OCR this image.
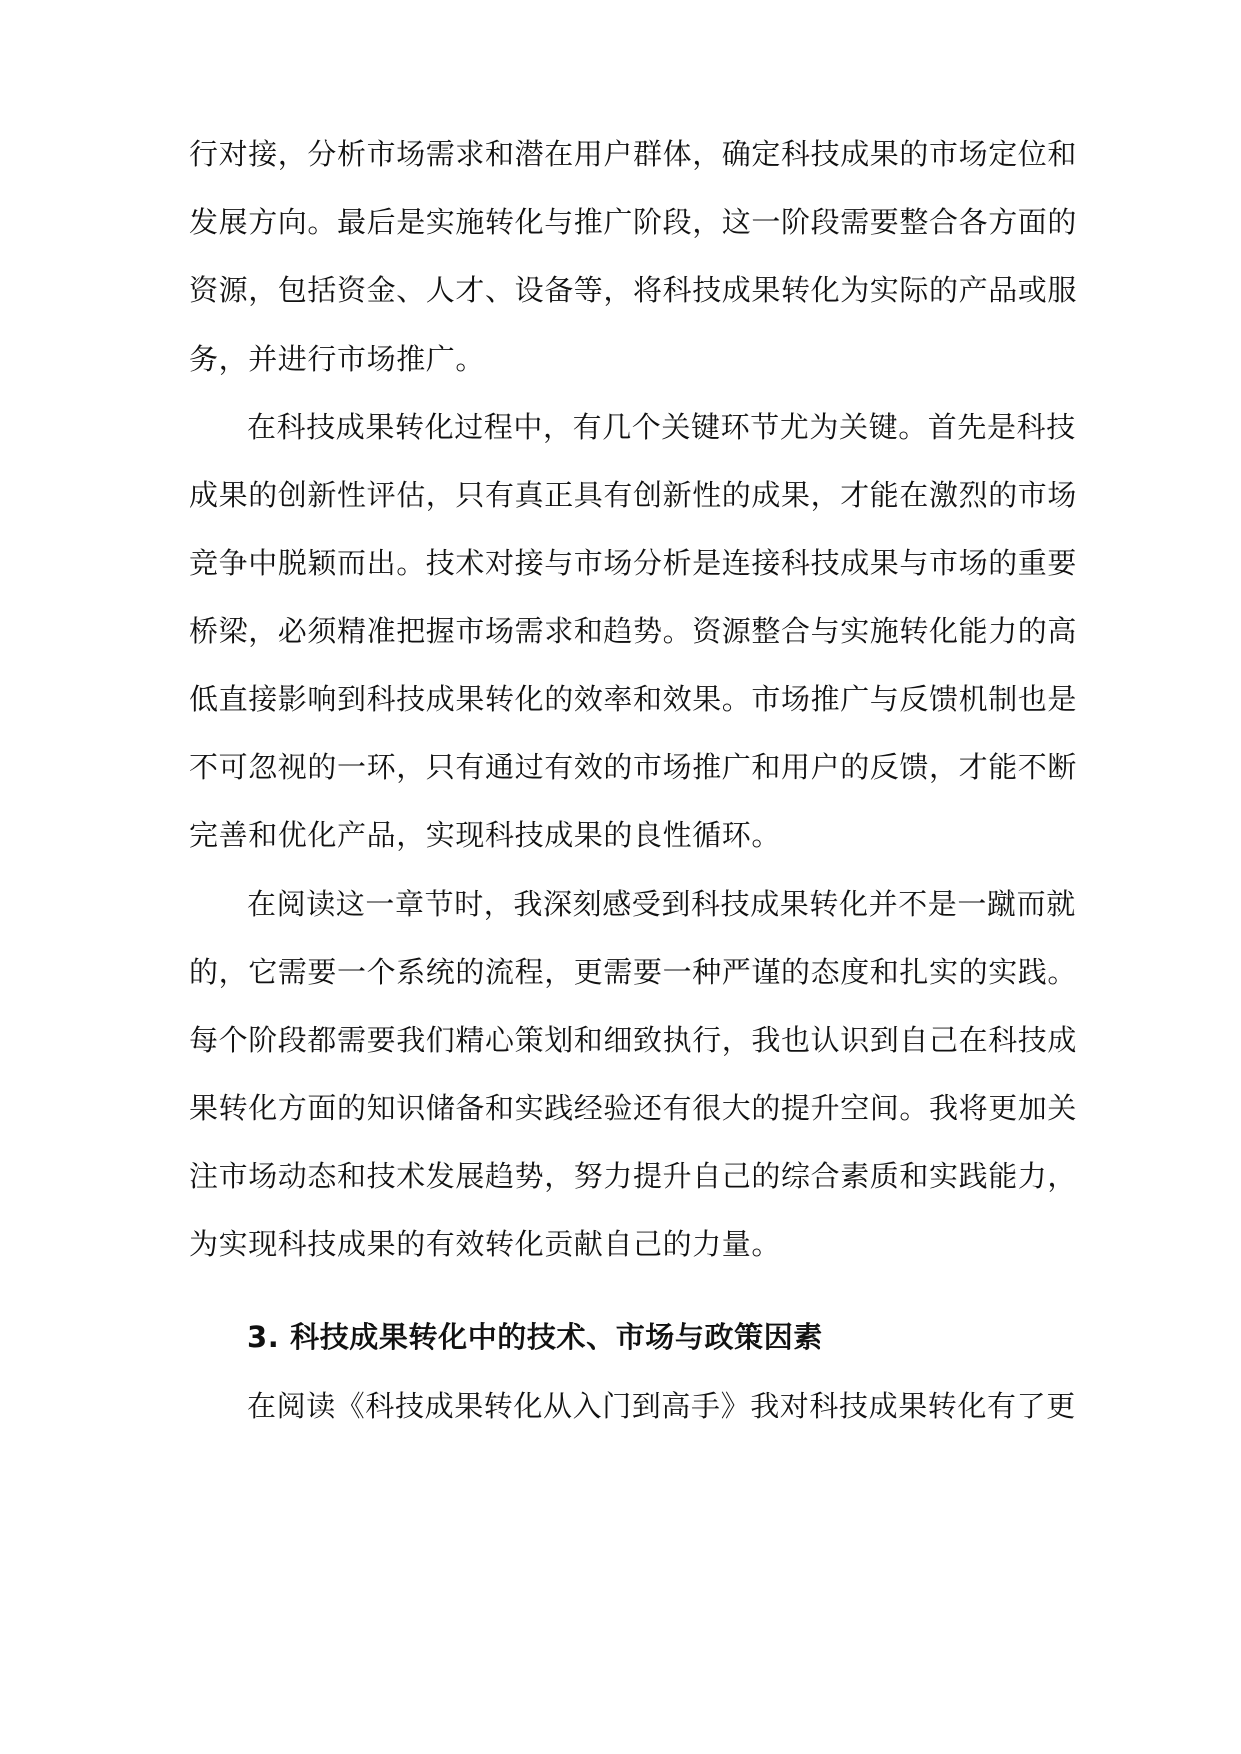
行对接，分析市场需求和潜在用户群体，确定科技成果的市场定位和
发展方向。最后是实施转化与推广阶段，这一阶段需要整合各方面的
资源，包括资金、人才、设备等，将科技成果转化为实际的产品或服
务，并进行市场推广。
在科技成果转化过程中，有几个关键环节尤为关键。首先是科技
成果的创新性评估，只有真正具有创新性的成果，才能在激烈的市场
竞争中脱颖而出。技术对接与市场分析是连接科技成果与市场的重要
桥梁，必须精准把握市场需求和趋势。资源整合与实施转化能力的高
低直接影响到科技成果转化的效率和效果。市场推广与反馈机制也是
不可忽视的一环，只有通过有效的市场推广和用户的反馈，才能不断
完善和优化产品，实现科技成果的良性循环。
在阅读这一章节时，我深刻感受到科技成果转化并不是一蹴而就
的，它需要一个系统的流程，更需要一种严谨的态度和扎实的实践。
每个阶段都需要我们精心策划和细致执行，我也认识到自己在科技成
果转化方面的知识储备和实践经验还有很大的提升空间。我将更加关
注市场动态和技术发展趋势，努力提升自己的综合素质和实践能力，
为实现科技成果的有效转化贡献自己的力量。
3. 科技成果转化中的技术、市场与政策因素
在阅读《科技成果转化从入门到高手》我对科技成果转化有了更
